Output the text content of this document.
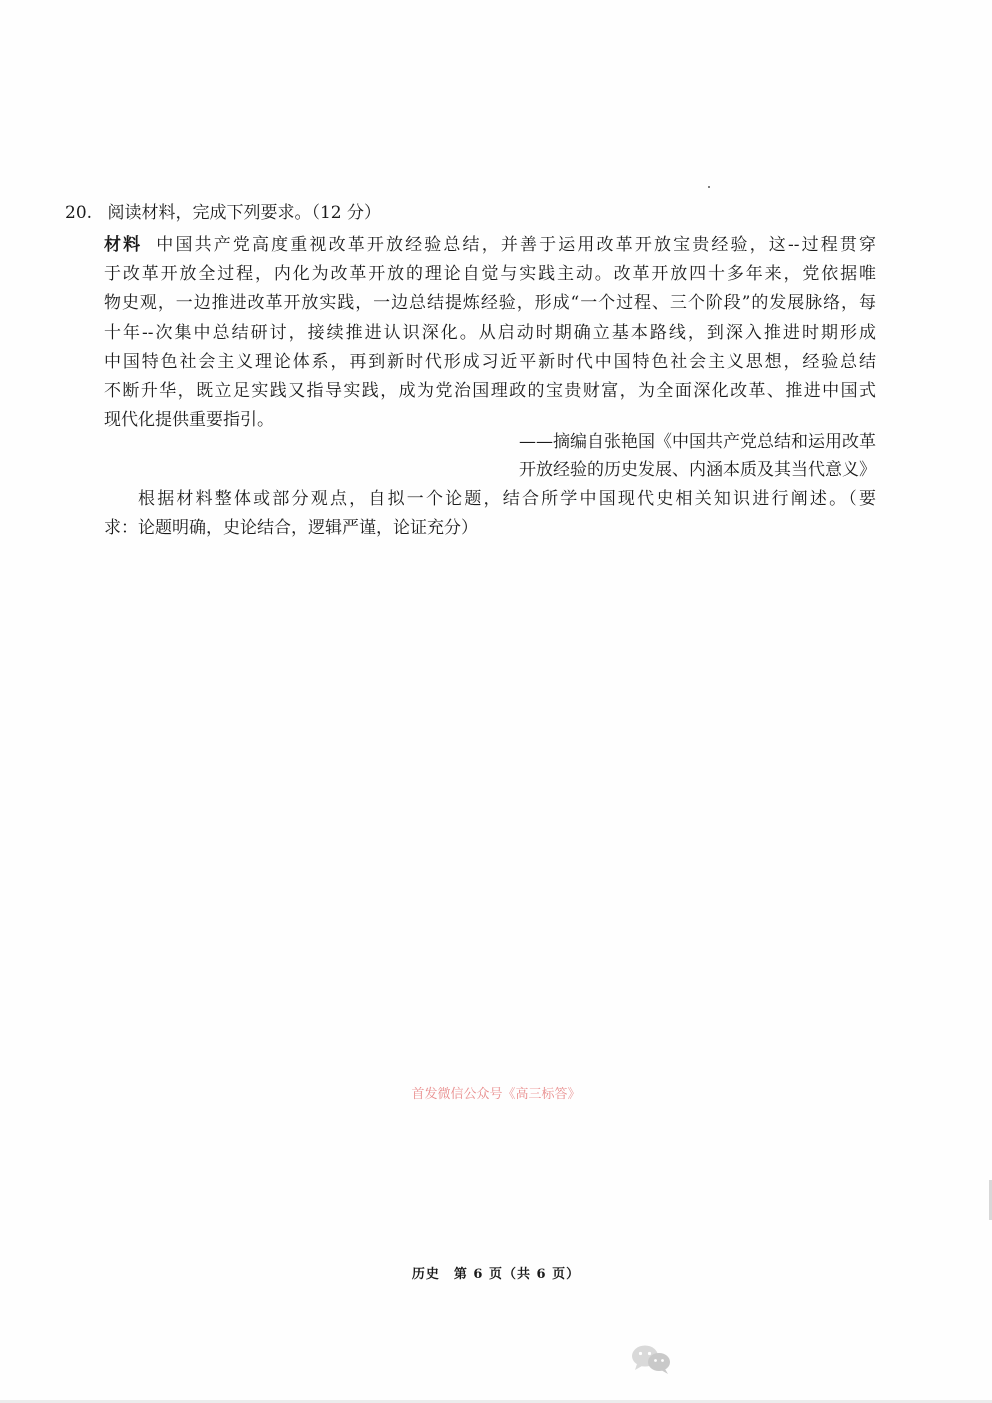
20. 阅读材料，完成下列要求。（12 分）
材料 中国共产党高度重视改革开放经验总结，并善于运用改革开放宝贵经验，这--过程贯穿
于改革开放全过程，内化为改革开放的理论自觉与实践主动。改革开放四十多年来，党依据唯
物史观，一边推进改革开放实践，一边总结提炼经验，形成“一个过程、三个阶段”的发展脉络，每
十年--次集中总结研讨，接续推进认识深化。从启动时期确立基本路线，到深入推进时期形成
中国特色社会主义理论体系，再到新时代形成习近平新时代中国特色社会主义思想，经验总结
不断升华，既立足实践又指导实践，成为党治国理政的宝贵财富，为全面深化改革、推进中国式
现代化提供重要指引。
——摘编自张艳国《中国共产党总结和运用改革
开放经验的历史发展、内涵本质及其当代意义》
根据材料整体或部分观点，自拟一个论题，结合所学中国现代史相关知识进行阐述。（要
求：论题明确，史论结合，逻辑严谨，论证充分）
首发微信公众号《高三标答》
历史　第 6 页（共 6 页）
